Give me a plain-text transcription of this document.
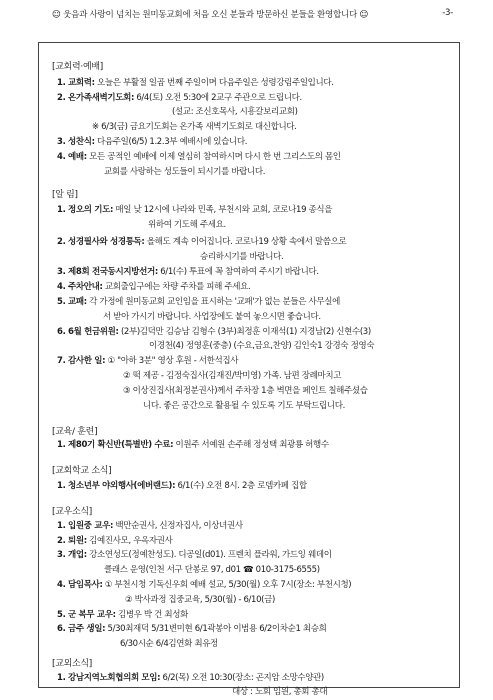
☺ 웃음과 사랑이 넘치는 원미동교회에 처음 오신 분들과 방문하신 분들을 환영합니다 ☺	-3-
[교회력·예배]
1. 교회력: 오늘은 부활절 일곱 번째 주일이며 다음주일은 성령강림주일입니다.
2. 온가족새벽기도회: 6/4(토) 오전 5:30에 2교구 주관으로 드립니다.
(설교: 조신호목사, 시흥갈보리교회)
※ 6/3(금) 금요기도회는 온가족 새벽기도회로 대신합니다.
3. 성찬식: 다음주일(6/5) 1.2.3부 예배시에 있습니다.
4. 예배: 모든 공적인 예배에 이제 열심히 참여하시며 다시 한 번 그리스도의 몸인
교회를 사랑하는 성도들이 되시기를 바랍니다.
[알 림]
1. 정오의 기도: 매일 낮 12시에 나라와 민족, 부천시와 교회, 코로나19 종식을
위하여 기도해 주세요.
2. 성경필사와 성경통독: 올해도 계속 이어집니다. 코로나19 상황 속에서 말씀으로
승리하시기를 바랍니다.
3. 제8회 전국동시지방선거: 6/1(수) 투표에 꼭 참여하여 주시기 바랍니다.
4. 주차안내: 교회출입구에는 차량 주차를 피해 주세요.
5. 교패: 각 가정에 원미동교회 교인임을 표시하는 '교패'가 없는 분들은 사무실에
서 받아 가시기 바랍니다. 사업장에도 붙여 놓으시면 좋습니다.
6. 6월 헌금위원: (2부)김덕만 김승남 김형수 (3부)최정훈 이재석(1) 지경남(2) 신현수(3)
이경천(4) 정영훈(중층) (수요,금요,찬양) 김인숙1 강경숙 정영숙
7. 감사한 일: ① "아하 3분" 영상 후원 - 서한석집사
② 떡 제공 - 김정숙집사(김재진/박미영) 가족. 남편 장례마치고
③ 이상진집사(최정분권사)께서 주차장 1층 벽면을 페인트 칠해주셨습
니다. 좋은 공간으로 활용될 수 있도록 기도 부탁드립니다.
[교육/ 훈련]
1. 제80기 확신반(특별반) 수료: 이원주 서예원 손주해 정성택 최광룡 허행수
[교회학교 소식]
1. 청소년부 야외행사(에버랜드): 6/1(수) 오전 8시. 2층 로뎀카페 집합
[교우소식]
1. 입원중 교우: 백만순권사, 신정자집사, 이상녀권사
2. 퇴원: 김예진사모, 우옥자권사
3. 개업: 강소연성도(정예찬성도). 디공일(d01). 프렌치 플라워, 가드잉 웨데이
클래스 운영(인천 서구 단봉로 97, d01 ☎ 010-3175-6555)
4. 담임목사: ① 부천시청 기독신우회 예배 설교, 5/30(월) 오후 7시(장소: 부천시청)
② 박사과정 집중교육, 5/30(월) - 6/10(금)
5. 군 복무 교우: 김병우 박 건 최성화
6. 금주 생일: 5/30최재덕 5/31변미현 6/1곽봉아 이범용 6/2이차순1 최승희
6/30시순 6/4김연화 최유정
[교외소식]
1. 강남지역노회협의회 모임: 6/2(목) 오전 10:30(장소: 곤지암 소망수양관)
대상 : 노회 임원, 총회 총대
